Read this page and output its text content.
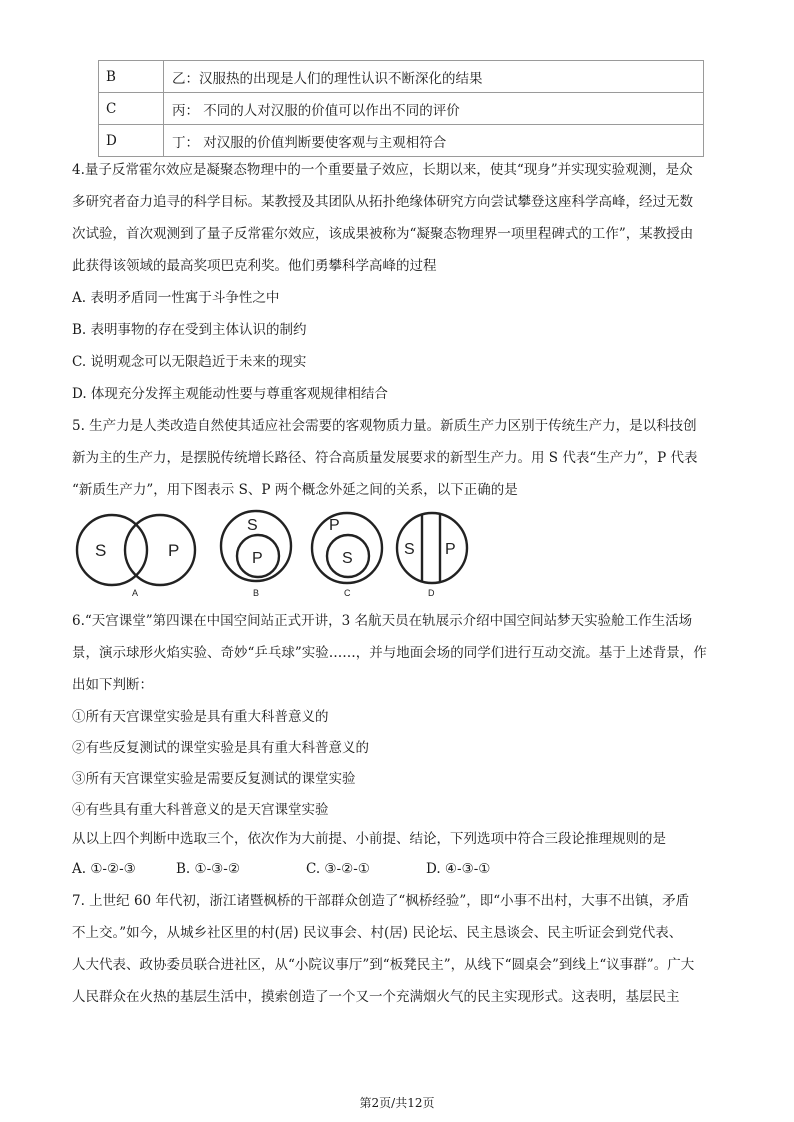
B	乙：汉服热的出现是人们的理性认识不断深化的结果
C	丙： 不同的人对汉服的价值可以作出不同的评价
D	丁： 对汉服的价值判断要使客观与主观相符合
4.量子反常霍尔效应是凝聚态物理中的一个重要量子效应，长期以来，使其“现身”并实现实验观测，是众
多研究者奋力追寻的科学目标。某教授及其团队从拓扑绝缘体研究方向尝试攀登这座科学高峰，经过无数
次试验，首次观测到了量子反常霍尔效应，该成果被称为“凝聚态物理界一项里程碑式的工作”，某教授由
此获得该领域的最高奖项巴克利奖。他们勇攀科学高峰的过程
A. 表明矛盾同一性寓于斗争性之中
B. 表明事物的存在受到主体认识的制约
C. 说明观念可以无限趋近于未来的现实
D. 体现充分发挥主观能动性要与尊重客观规律相结合
5. 生产力是人类改造自然使其适应社会需要的客观物质力量。新质生产力区别于传统生产力，是以科技创
新为主的生产力，是摆脱传统增长路径、符合高质量发展要求的新型生产力。用 S 代表“生产力”，P 代表
“新质生产力”，用下图表示 S、P 两个概念外延之间的关系，以下正确的是
S	P
A
S
P
B
P
S
C
S P
D
6.“天宫课堂”第四课在中国空间站正式开讲，3 名航天员在轨展示介绍中国空间站梦天实验舱工作生活场
景，演示球形火焰实验、奇妙“乒乓球”实验……，并与地面会场的同学们进行互动交流。基于上述背景，作
出如下判断：
①所有天宫课堂实验是具有重大科普意义的
②有些反复测试的课堂实验是具有重大科普意义的
③所有天宫课堂实验是需要反复测试的课堂实验
④有些具有重大科普意义的是天宫课堂实验
从以上四个判断中选取三个，依次作为大前提、小前提、结论，下列选项中符合三段论推理规则的是
A. ①-②-③	B. ①-③-②	C. ③-②-①	D. ④-③-①
7. 上世纪 60 年代初，浙江诸暨枫桥的干部群众创造了“枫桥经验”，即“小事不出村，大事不出镇，矛盾
不上交。”如今，从城乡社区里的村(居) 民议事会、村(居) 民论坛、民主恳谈会、民主听证会到党代表、
人大代表、政协委员联合进社区，从“小院议事厅”到“板凳民主”，从线下“圆桌会”到线上“议事群”。广大
人民群众在火热的基层生活中，摸索创造了一个又一个充满烟火气的民主实现形式。这表明，基层民主
第2页/共12页
